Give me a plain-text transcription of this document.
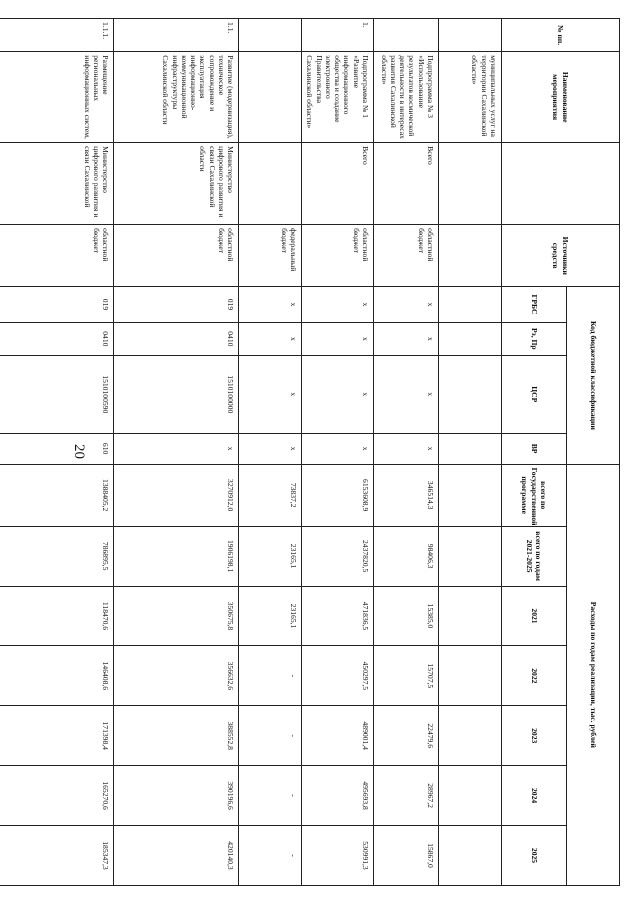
20
№ пп.	Наименование мероприятия		Источники средств	Код бюджетной классификации				Расходы по годам реализации, тыс. рублей						
				ГРБС	Рз, Пр	ЦСР	ВР	всего по Государственной программе	всего по годам 2021-2025	2021	2022	2023	2024	2025
	муниципальных услуг на территории Сахалинской области»													
	Подпрограмма № 3 «Использование результатов космической деятельности в интересах развития Сахалинской области»	Всего	областной бюджет	х	х	х	х	346514,3	98406,3	15385,0	15707,5	22479,6	28967,2	15867,0
1.	Подпрограмма № 1 «Развитие информационного общества и создание электронного Правительства Сахалинской области»	Всего	областной бюджет	х	х	х	х	6153608,9	2437820,5	471836,5	450297,5	489001,4	495693,8	530991,3
			федеральный бюджет	х	х	х	х	73837,2	23165,1	23165,1	-	-	-	-
1.1.	Развитие (модернизация), техническое сопровождение и эксплуатация информационно-коммуникационной инфраструктуры Сахалинской области	Министерство цифрового развития и связи Сахалинской области	областной бюджет	019	0410	1510100000	х	3270912,0	1906198,1	350675,8	356632,6	388552,8	390196,6	420140,3
1.1.1.	Размещение региональных информационных систем,	Министерство цифрового развития и связи Сахалинской	областной бюджет	019	0410	1510100590	610	1388405,2	786895,5	118470,6	146408,6	171398,4	165270,6	185347,3
